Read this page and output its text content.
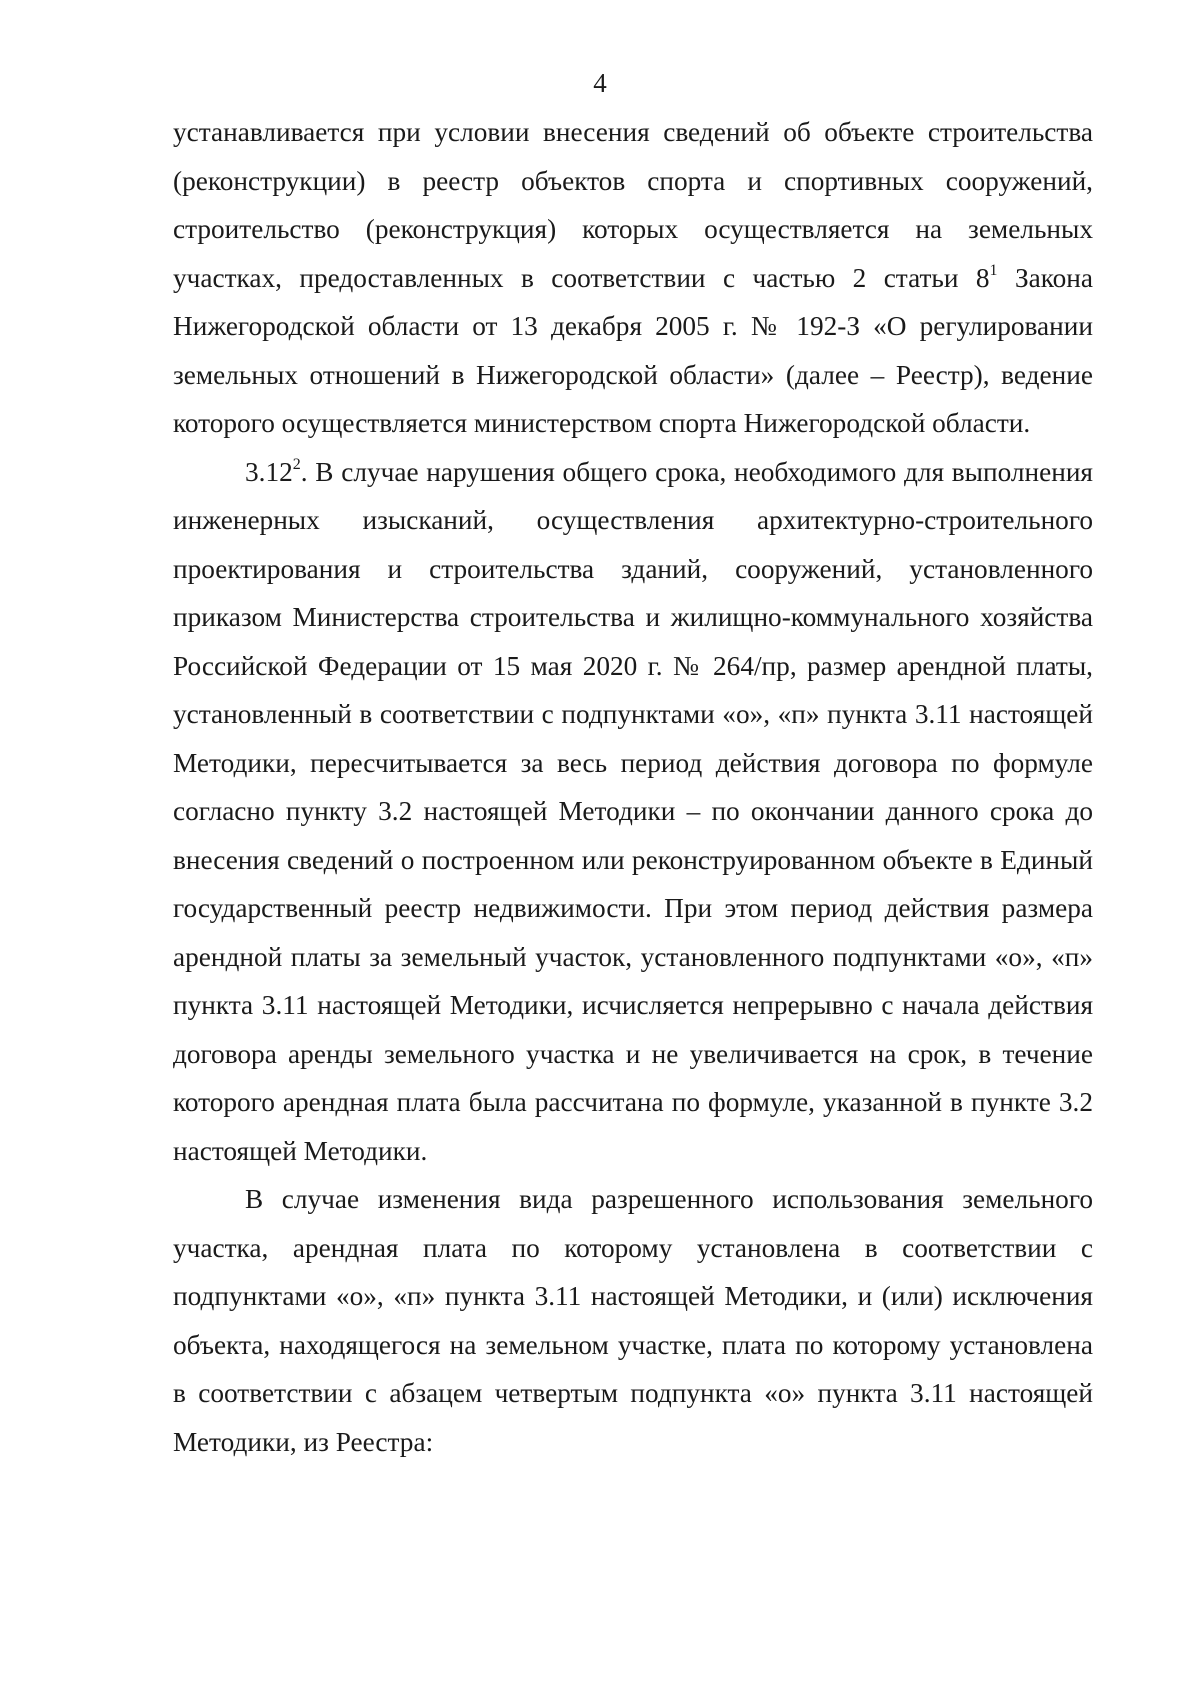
4

устанавливается при условии внесения сведений об объекте строительства (реконструкции) в реестр объектов спорта и спортивных сооружений, строительство (реконструкция) которых осуществляется на земельных участках, предоставленных в соответствии с частью 2 статьи $8^1$ Закона Нижегородской области от 13 декабря 2005 г. № 192-З «О регулировании земельных отношений в Нижегородской области» (далее – Реестр), ведение которого осуществляется министерством спорта Нижегородской области.

3.12$^2$. В случае нарушения общего срока, необходимого для выполнения инженерных изысканий, осуществления архитектурно-строительного проектирования и строительства зданий, сооружений, установленного приказом Министерства строительства и жилищно-коммунального хозяйства Российской Федерации от 15 мая 2020 г. № 264/пр, размер арендной платы, установленный в соответствии с подпунктами «о», «п» пункта 3.11 настоящей Методики, пересчитывается за весь период действия договора по формуле согласно пункту 3.2 настоящей Методики – по окончании данного срока до внесения сведений о построенном или реконструированном объекте в Единый государственный реестр недвижимости. При этом период действия размера арендной платы за земельный участок, установленного подпунктами «о», «п» пункта 3.11 настоящей Методики, исчисляется непрерывно с начала действия договора аренды земельного участка и не увеличивается на срок, в течение которого арендная плата была рассчитана по формуле, указанной в пункте 3.2 настоящей Методики.

В случае изменения вида разрешенного использования земельного участка, арендная плата по которому установлена в соответствии с подпунктами «о», «п» пункта 3.11 настоящей Методики, и (или) исключения объекта, находящегося на земельном участке, плата по которому установлена в соответствии с абзацем четвертым подпункта «о» пункта 3.11 настоящей Методики, из Реестра:
